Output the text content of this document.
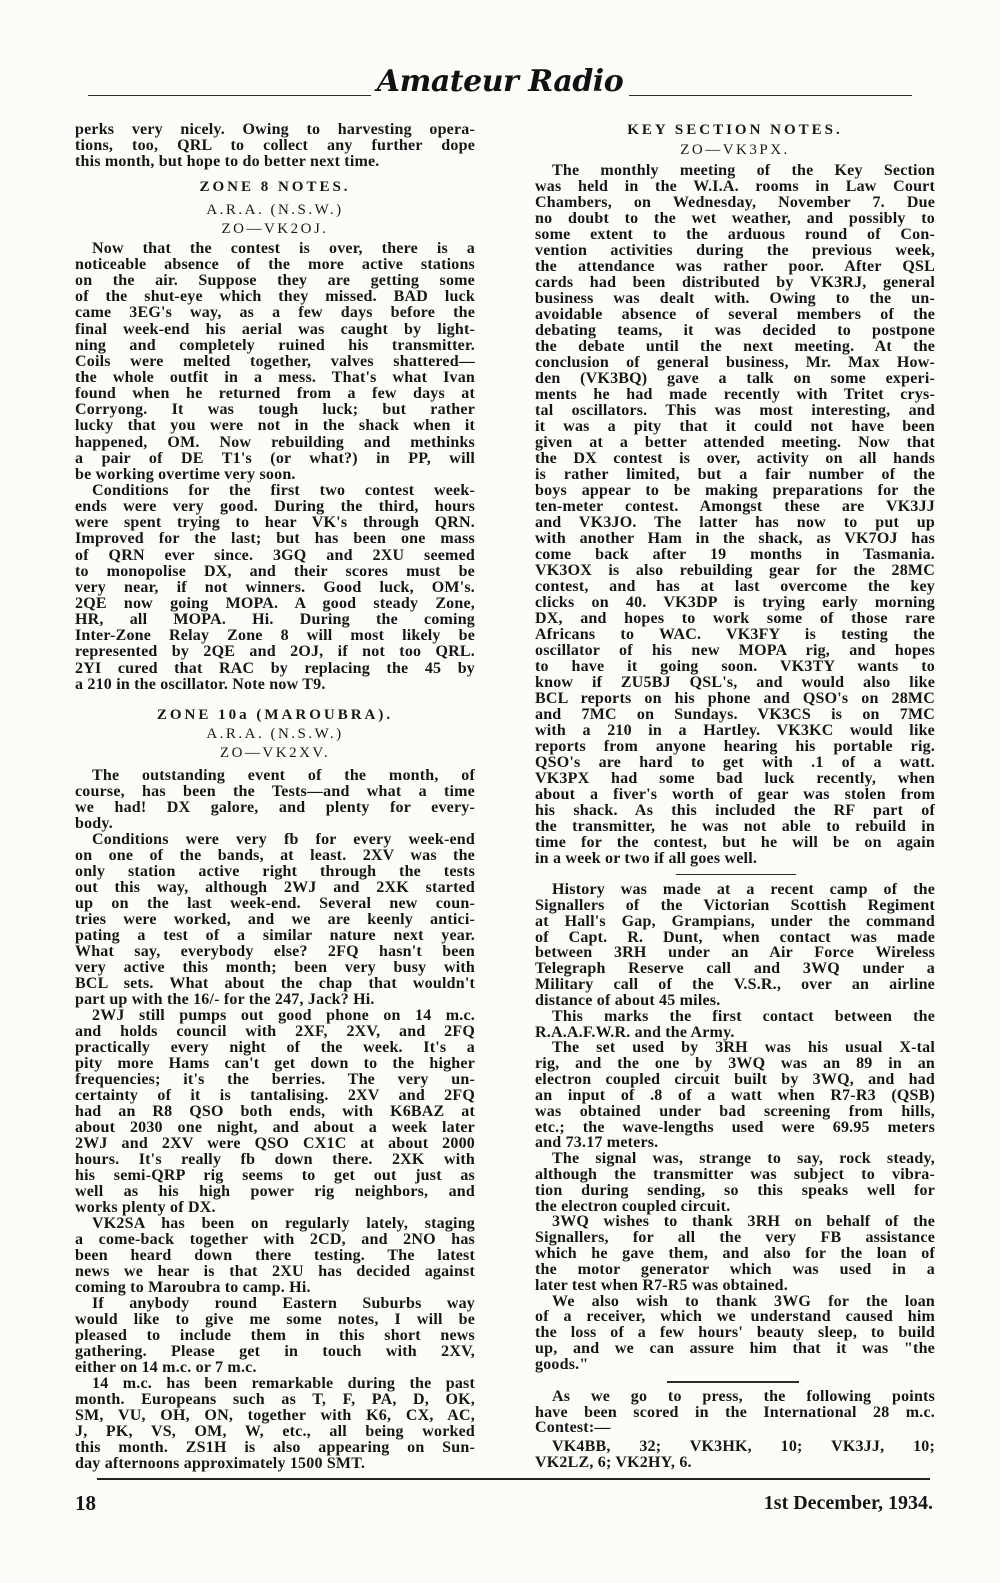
Amateur Radio
perks very nicely. Owing to harvesting opera-
tions, too, QRL to collect any further dope
this month, but hope to do better next time.
ZONE 8 NOTES.
A.R.A. (N.S.W.)
ZO—VK2OJ.
Now that the contest is over, there is a
noticeable absence of the more active stations
on the air. Suppose they are getting some
of the shut-eye which they missed. BAD luck
came 3EG's way, as a few days before the
final week-end his aerial was caught by light-
ning and completely ruined his transmitter.
Coils were melted together, valves shattered—
the whole outfit in a mess. That's what Ivan
found when he returned from a few days at
Corryong. It was tough luck; but rather
lucky that you were not in the shack when it
happened, OM. Now rebuilding and methinks
a pair of DE T1's (or what?) in PP, will
be working overtime very soon.
Conditions for the first two contest week-
ends were very good. During the third, hours
were spent trying to hear VK's through QRN.
Improved for the last; but has been one mass
of QRN ever since. 3GQ and 2XU seemed
to monopolise DX, and their scores must be
very near, if not winners. Good luck, OM's.
2QE now going MOPA. A good steady Zone,
HR, all MOPA. Hi. During the coming
Inter-Zone Relay Zone 8 will most likely be
represented by 2QE and 2OJ, if not too QRL.
2YI cured that RAC by replacing the 45 by
a 210 in the oscillator. Note now T9.
ZONE 10a (MAROUBRA).
A.R.A. (N.S.W.)
ZO—VK2XV.
The outstanding event of the month, of
course, has been the Tests—and what a time
we had! DX galore, and plenty for every-
body.
Conditions were very fb for every week-end
on one of the bands, at least. 2XV was the
only station active right through the tests
out this way, although 2WJ and 2XK started
up on the last week-end. Several new coun-
tries were worked, and we are keenly antici-
pating a test of a similar nature next year.
What say, everybody else? 2FQ hasn't been
very active this month; been very busy with
BCL sets. What about the chap that wouldn't
part up with the 16/- for the 247, Jack? Hi.
2WJ still pumps out good phone on 14 m.c.
and holds council with 2XF, 2XV, and 2FQ
practically every night of the week. It's a
pity more Hams can't get down to the higher
frequencies; it's the berries. The very un-
certainty of it is tantalising. 2XV and 2FQ
had an R8 QSO both ends, with K6BAZ at
about 2030 one night, and about a week later
2WJ and 2XV were QSO CX1C at about 2000
hours. It's really fb down there. 2XK with
his semi-QRP rig seems to get out just as
well as his high power rig neighbors, and
works plenty of DX.
VK2SA has been on regularly lately, staging
a come-back together with 2CD, and 2NO has
been heard down there testing. The latest
news we hear is that 2XU has decided against
coming to Maroubra to camp. Hi.
If anybody round Eastern Suburbs way
would like to give me some notes, I will be
pleased to include them in this short news
gathering. Please get in touch with 2XV,
either on 14 m.c. or 7 m.c.
14 m.c. has been remarkable during the past
month. Europeans such as T, F, PA, D, OK,
SM, VU, OH, ON, together with K6, CX, AC,
J, PK, VS, OM, W, etc., all being worked
this month. ZS1H is also appearing on Sun-
day afternoons approximately 1500 SMT.
KEY SECTION NOTES.
ZO—VK3PX.
The monthly meeting of the Key Section
was held in the W.I.A. rooms in Law Court
Chambers, on Wednesday, November 7. Due
no doubt to the wet weather, and possibly to
some extent to the arduous round of Con-
vention activities during the previous week,
the attendance was rather poor. After QSL
cards had been distributed by VK3RJ, general
business was dealt with. Owing to the un-
avoidable absence of several members of the
debating teams, it was decided to postpone
the debate until the next meeting. At the
conclusion of general business, Mr. Max How-
den (VK3BQ) gave a talk on some experi-
ments he had made recently with Tritet crys-
tal oscillators. This was most interesting, and
it was a pity that it could not have been
given at a better attended meeting. Now that
the DX contest is over, activity on all hands
is rather limited, but a fair number of the
boys appear to be making preparations for the
ten-meter contest. Amongst these are VK3JJ
and VK3JO. The latter has now to put up
with another Ham in the shack, as VK7OJ has
come back after 19 months in Tasmania.
VK3OX is also rebuilding gear for the 28MC
contest, and has at last overcome the key
clicks on 40. VK3DP is trying early morning
DX, and hopes to work some of those rare
Africans to WAC. VK3FY is testing the
oscillator of his new MOPA rig, and hopes
to have it going soon. VK3TY wants to
know if ZU5BJ QSL's, and would also like
BCL reports on his phone and QSO's on 28MC
and 7MC on Sundays. VK3CS is on 7MC
with a 210 in a Hartley. VK3KC would like
reports from anyone hearing his portable rig.
QSO's are hard to get with .1 of a watt.
VK3PX had some bad luck recently, when
about a fiver's worth of gear was stolen from
his shack. As this included the RF part of
the transmitter, he was not able to rebuild in
time for the contest, but he will be on again
in a week or two if all goes well.
History was made at a recent camp of the
Signallers of the Victorian Scottish Regiment
at Hall's Gap, Grampians, under the command
of Capt. R. Dunt, when contact was made
between 3RH under an Air Force Wireless
Telegraph Reserve call and 3WQ under a
Military call of the V.S.R., over an airline
distance of about 45 miles.
This marks the first contact between the
R.A.A.F.W.R. and the Army.
The set used by 3RH was his usual X-tal
rig, and the one by 3WQ was an 89 in an
electron coupled circuit built by 3WQ, and had
an input of .8 of a watt when R7-R3 (QSB)
was obtained under bad screening from hills,
etc.; the wave-lengths used were 69.95 meters
and 73.17 meters.
The signal was, strange to say, rock steady,
although the transmitter was subject to vibra-
tion during sending, so this speaks well for
the electron coupled circuit.
3WQ wishes to thank 3RH on behalf of the
Signallers, for all the very FB assistance
which he gave them, and also for the loan of
the motor generator which was used in a
later test when R7-R5 was obtained.
We also wish to thank 3WG for the loan
of a receiver, which we understand caused him
the loss of a few hours' beauty sleep, to build
up, and we can assure him that it was "the
goods."
As we go to press, the following points
have been scored in the International 28 m.c.
Contest:—
VK4BB, 32; VK3HK, 10; VK3JJ, 10;
VK2LZ, 6; VK2HY, 6.
18	1st December, 1934.
